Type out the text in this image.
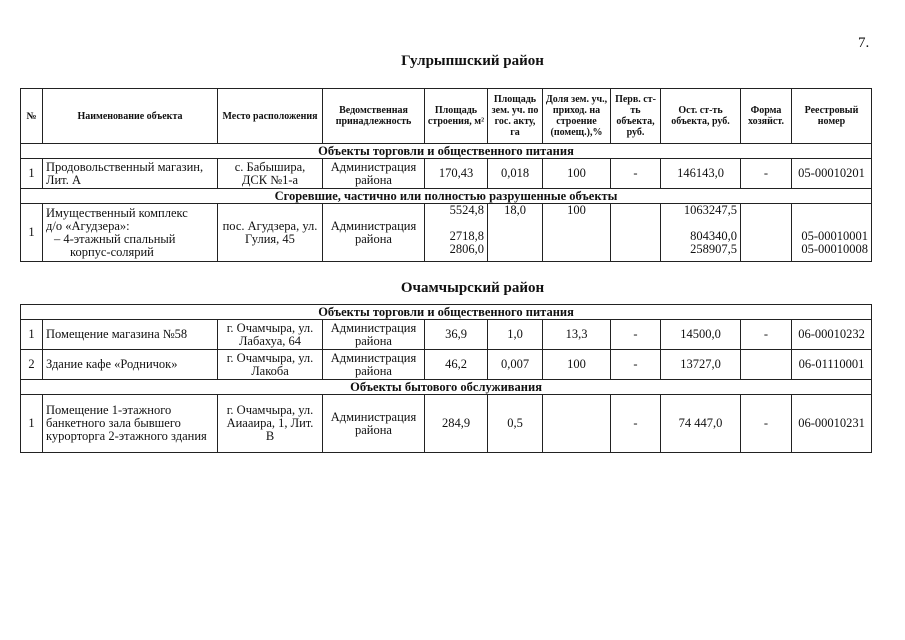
7.
Гулрыпшский район
№	Наименование объекта	Место расположения	Ведомственная принадлежность	Площадь строения, м²	Площадь зем. уч. по гос. акту, га	Доля зем. уч., приход. на строение (помещ.),%	Перв. ст-ть объекта, руб.	Ост. ст-ть объекта, руб.	Форма хозяйст.	Реестровый номер
Объекты торговли и общественного питания										
1	Продовольственный магазин, Лит. А	с. Бабышира, ДСК №1-а	Администрация района	170,43	0,018	100	-	146143,0	-	05-00010201
Сгоревшие, частично или полностью разрушенные объекты										
1	Имущественный комплекс
д/о «Агудзера»:
– 4-этажный спальный
корпус-солярий	пос. Агудзера, ул. Гулия, 45	Администрация района	5524,8
2718,8
2806,0	18,0	100		1063247,5
804340,0
258907,5		05-00010001
05-00010008
Очамчырский район
Объекты торговли и общественного питания										
1	Помещение магазина №58	г. Очамчыра, ул. Лабахуа, 64	Администрация района	36,9	1,0	13,3	-	14500,0	-	06-00010232
2	Здание кафе «Родничок»	г. Очамчыра, ул. Лакоба	Администрация района	46,2	0,007	100	-	13727,0		06-01110001
Объекты бытового обслуживания										
1	Помещение 1-этажного банкетного зала бывшего курорторга 2-этажного здания	г. Очамчыра, ул. Аиааира, 1, Лит. В	Администрация района	284,9	0,5		-	74 447,0	-	06-00010231
